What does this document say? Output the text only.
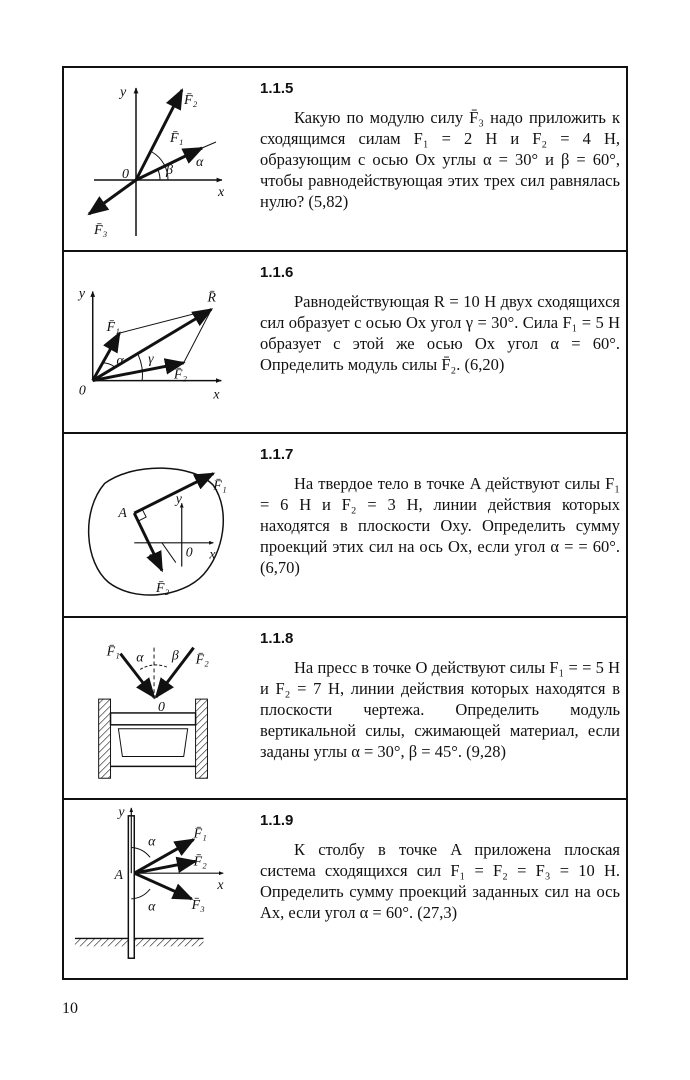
y
x
0
F̄₂
F̄₁
F̄₃
α
β
1.1.5

Какую по модулю силу F̄₃ надо приложить к сходящимся силам F₁ = 2 Н и F₂ = 4 Н, образующим с осью Ox углы α = 30° и β = 60°, чтобы равнодействующая этих трех сил равнялась нулю? (5,82)

y
x
0
R̄
F̄₁
F̄₂
α γ
1.1.6

Равнодействующая R = 10 Н двух сходящихся сил образует с осью Ox угол γ = 30°. Сила F₁ = 5 Н образует с этой же осью Ox угол α = 60°. Определить модуль силы F̄₂. (6,20)

A
y
x
0
F̄₁
F̄₂
α
1.1.7

На твердое тело в точке A действуют силы F₁ = 6 Н и F₂ = 3 Н, линии действия которых находятся в плоскости Oxy. Определить сумму проекций этих сил на ось Ox, если угол α = = 60°. (6,70)

F̄₁
F̄₂
α β
0
1.1.8

На пресс в точке O действуют силы F₁ = = 5 Н и F₂ = 7 Н, линии действия которых находятся в плоскости чертежа. Определить модуль вертикальной силы, сжимающей материал, если заданы углы α = 30°, β = 45°. (9,28)

y
x
A
F̄₁
F̄₂
F̄₃
α
α
1.1.9

К столбу в точке A приложена плоская система сходящихся сил F₁ = F₂ = F₃ = 10 Н. Определить сумму проекций заданных сил на ось Ax, если угол α = 60°. (27,3)

10
